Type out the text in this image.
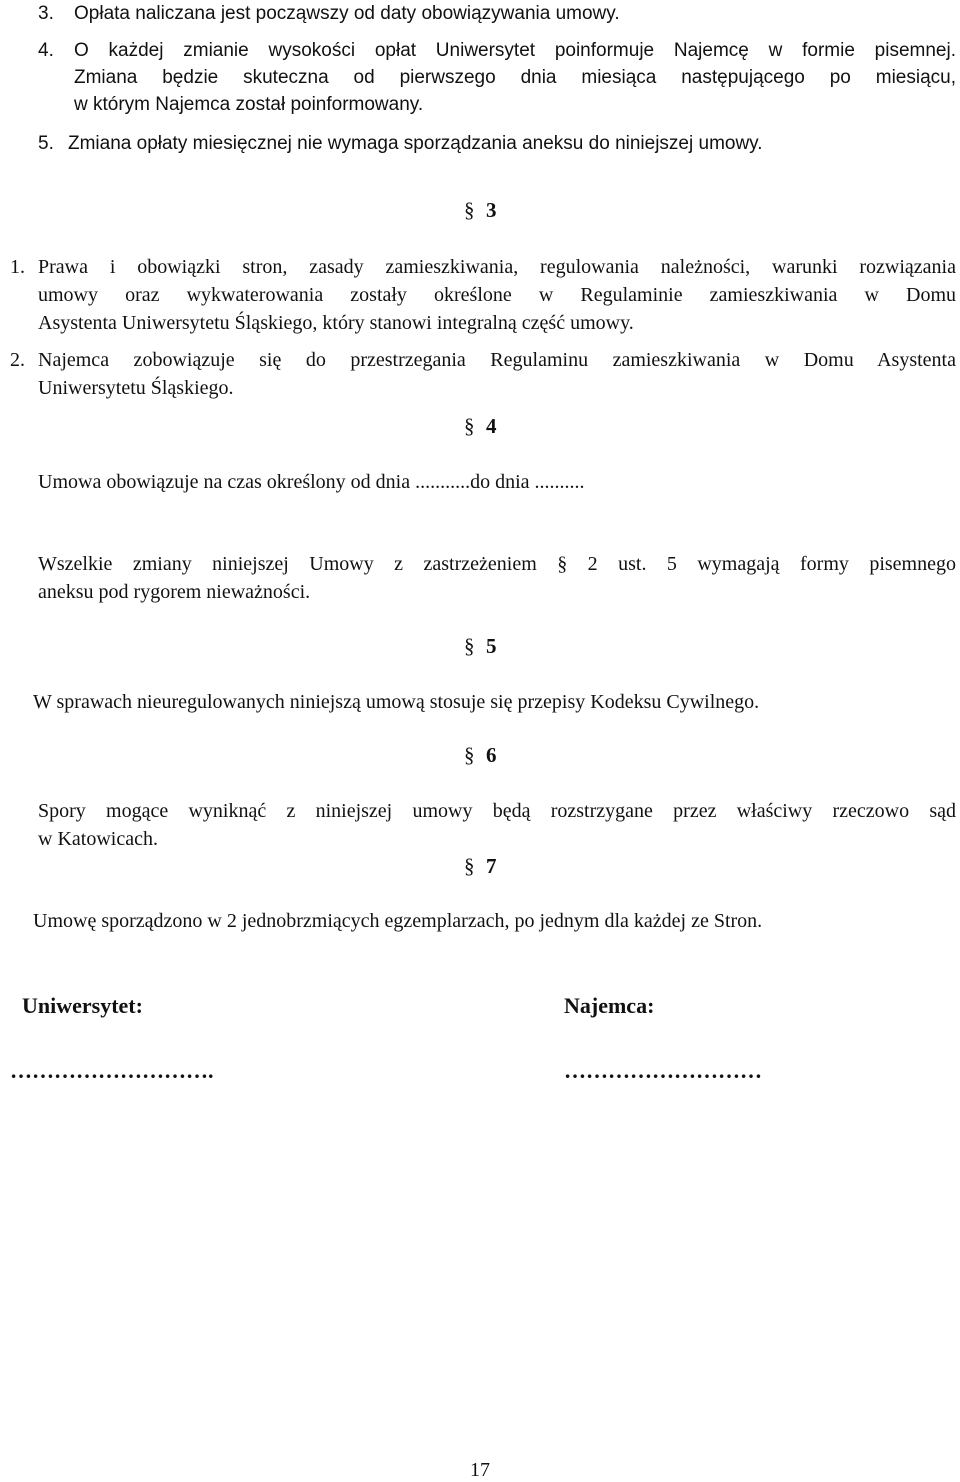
3. Opłata naliczana jest począwszy od daty obowiązywania umowy.
4. O każdej zmianie wysokości opłat Uniwersytet poinformuje Najemcę w formie pisemnej.
Zmiana będzie skuteczna od pierwszego dnia miesiąca następującego po miesiącu,
w którym Najemca został poinformowany.
5. Zmiana opłaty miesięcznej nie wymaga sporządzania aneksu do niniejszej umowy.
§ 3
1. Prawa i obowiązki stron, zasady zamieszkiwania, regulowania należności, warunki rozwiązania
umowy oraz wykwaterowania zostały określone w Regulaminie zamieszkiwania w Domu
Asystenta Uniwersytetu Śląskiego, który stanowi integralną część umowy.
2. Najemca zobowiązuje się do przestrzegania Regulaminu zamieszkiwania w Domu Asystenta
Uniwersytetu Śląskiego.
§ 4
Umowa obowiązuje na czas określony od dnia ...........do dnia ..........
Wszelkie zmiany niniejszej Umowy z zastrzeżeniem § 2 ust. 5 wymagają formy pisemnego
aneksu pod rygorem nieważności.
§ 5
W sprawach nieuregulowanych niniejszą umową stosuje się przepisy Kodeksu Cywilnego.
§ 6
Spory mogące wyniknąć z niniejszej umowy będą rozstrzygane przez właściwy rzeczowo sąd
w Katowicach.
§ 7
Umowę sporządzono w 2 jednobrzmiących egzemplarzach, po jednym dla każdej ze Stron.
Uniwersytet:	Najemca:
……………………….	………………………
17
